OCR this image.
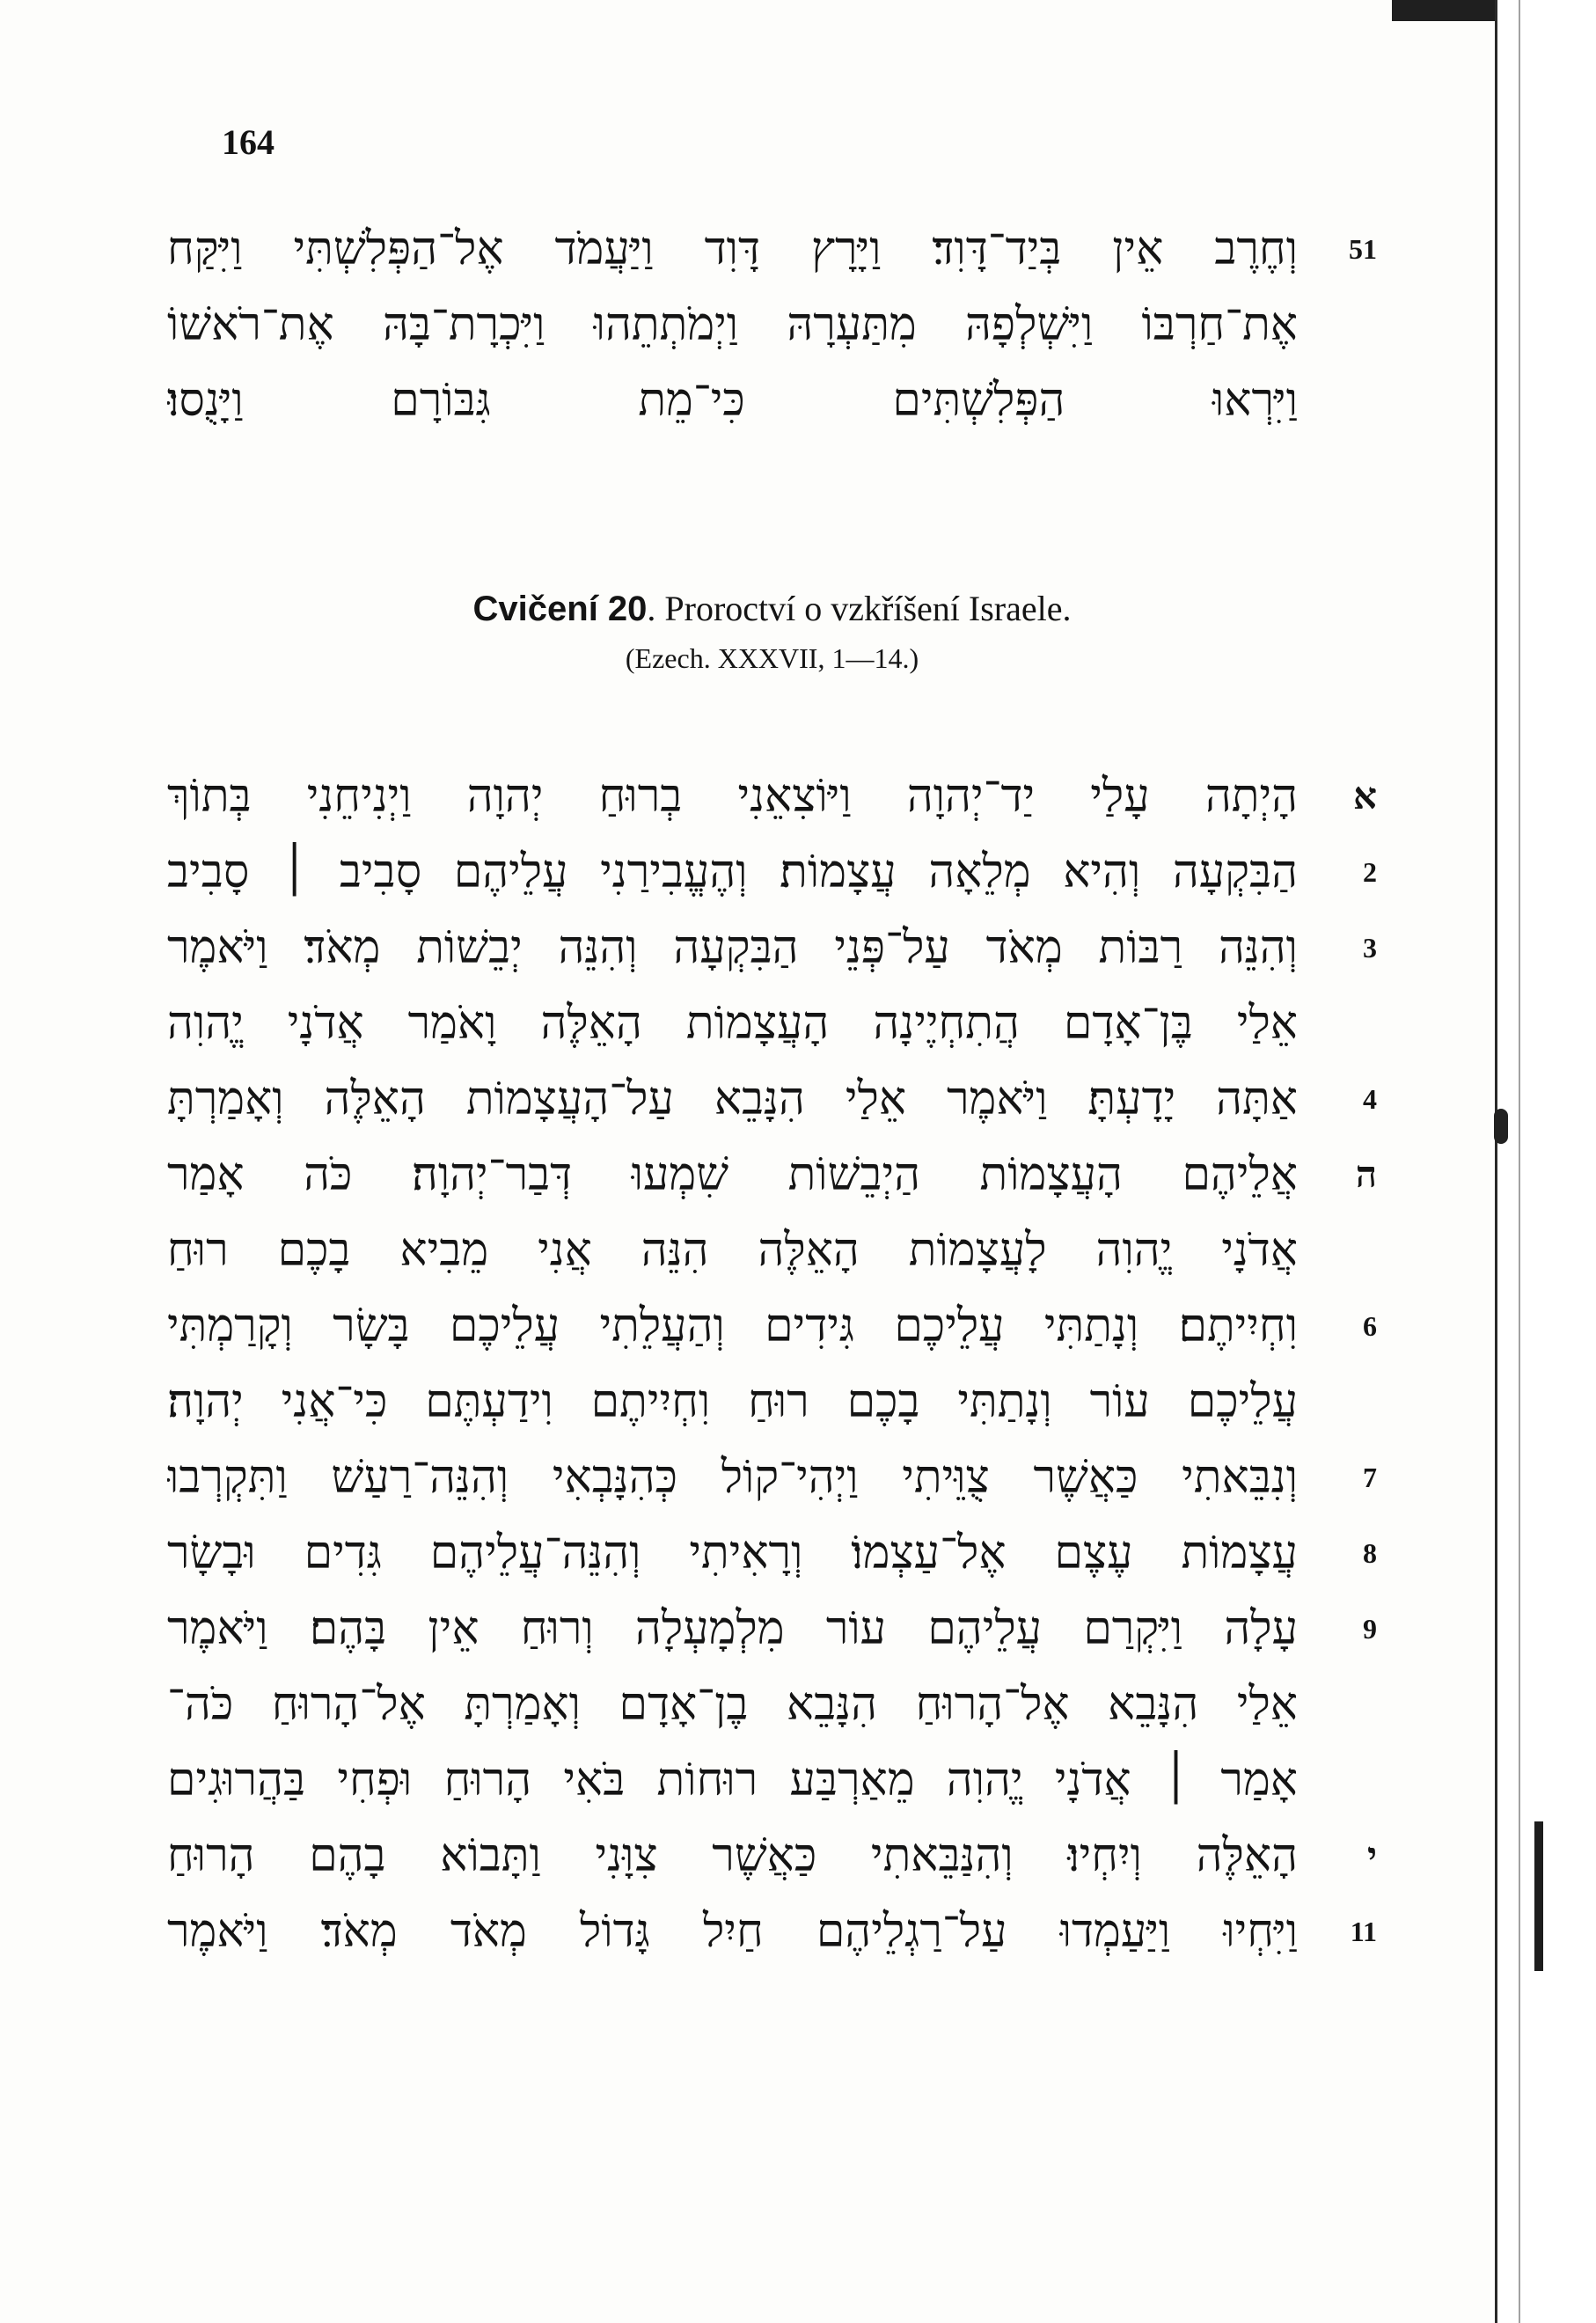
164
51
וְחֶרֶב אֵין בְּיַד־דָּוִד׃ וַיָּרָץ דָּוִד וַיַּעֲמֹד אֶל־הַפְּלִשְׁתִּי וַיִּקַּח
אֶת־חַרְבּוֹ וַיִּשְׁלְפָהּ מִתַּעְרָהּ וַיְמֹתְתֵהוּ וַיִּכְרָת־בָּהּ אֶת־רֹאשׁוֹ
וַיִּרְאוּ הַפְּלִשְׁתִּים כִּי־מֵת גִּבּוֹרָם וַיָּנֻסוּ׃
Cvičení 20. Proroctví o vzkříšení Israele.
(Ezech. XXXVII, 1—14.)
א
הָיְתָה עָלַי יַד־יְהוָה וַיּוֹצִאֵנִי בְרוּחַ יְהוָה וַיְנִיחֵנִי בְּתוֹךְ
2
הַבִּקְעָה וְהִיא מְלֵאָה עֲצָמוֹת׃ וְהֶעֱבִירַנִי עֲלֵיהֶם סָבִיב ׀ סָבִיב
3
וְהִנֵּה רַבּוֹת מְאֹד עַל־פְּנֵי הַבִּקְעָה וְהִנֵּה יְבֵשׁוֹת מְאֹד׃ וַיֹּאמֶר
אֵלַי בֶּן־אָדָם הֲתִחְיֶינָה הָעֲצָמוֹת הָאֵלֶּה וָאֹמַר אֲדֹנָי יֱהוִה
4
אַתָּה יָדָעְתָּ׃ וַיֹּאמֶר אֵלַי הִנָּבֵא עַל־הָעֲצָמוֹת הָאֵלֶּה וְאָמַרְתָּ
ה
אֲלֵיהֶם הָעֲצָמוֹת הַיְבֵשׁוֹת שִׁמְעוּ דְּבַר־יְהוָה׃ כֹּה אָמַר
אֲדֹנָי יֱהוִה לָעֲצָמוֹת הָאֵלֶּה הִנֵּה אֲנִי מֵבִיא בָכֶם רוּחַ
6
וִחְיִיתֶם׃ וְנָתַתִּי עֲלֵיכֶם גִּידִים וְהַעֲלֵתִי עֲלֵיכֶם בָּשָׂר וְקָרַמְתִּי
עֲלֵיכֶם עוֹר וְנָתַתִּי בָכֶם רוּחַ וִחְיִיתֶם וִידַעְתֶּם כִּי־אֲנִי יְהוָה׃
7
וְנִבֵּאתִי כַּאֲשֶׁר צֻוֵּיתִי וַיְהִי־קוֹל כְּהִנָּבְאִי וְהִנֵּה־רַעַשׁ וַתִּקְרְבוּ
8
עֲצָמוֹת עֶצֶם אֶל־עַצְמוֹ׃ וְרָאִיתִי וְהִנֵּה־עֲלֵיהֶם גִּדִים וּבָשָׂר
9
עָלָה וַיִּקְרַם עֲלֵיהֶם עוֹר מִלְמָעְלָה וְרוּחַ אֵין בָּהֶם׃ וַיֹּאמֶר
אֵלַי הִנָּבֵא אֶל־הָרוּחַ הִנָּבֵא בֶן־אָדָם וְאָמַרְתָּ אֶל־הָרוּחַ כֹּה־
אָמַר ׀ אֲדֹנָי יֱהוִה מֵאַרְבַּע רוּחוֹת בֹּאִי הָרוּחַ וּפְחִי בַּהֲרוּגִים
י
הָאֵלֶּה וְיִחְיוּ׃ וְהִנַּבֵּאתִי כַּאֲשֶׁר צִוָּנִי וַתָּבוֹא בָהֶם הָרוּחַ
11
וַיִּחְיוּ וַיַּעַמְדוּ עַל־רַגְלֵיהֶם חַיִל גָּדוֹל מְאֹד מְאֹד׃ וַיֹּאמֶר
